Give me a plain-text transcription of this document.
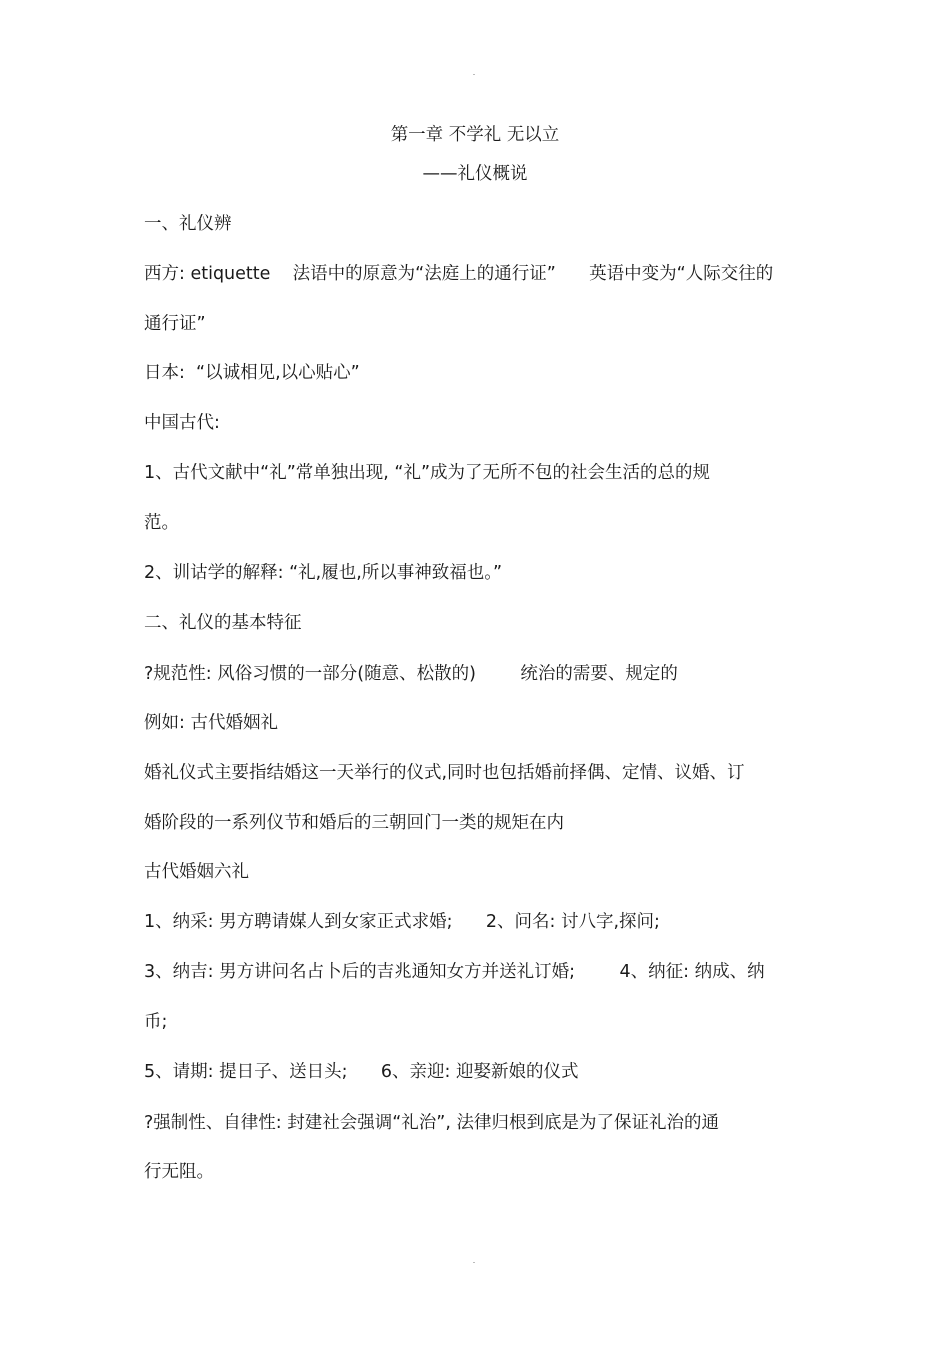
第一章 不学礼 无以立
——礼仪概说
一、礼仪辨
西方: etiquette    法语中的原意为“法庭上的通行证”      英语中变为“人际交往的
通行证”
日本:  “以诚相见,以心贴心”
中国古代:
1、古代文献中“礼”常单独出现, “礼”成为了无所不包的社会生活的总的规
范。
2、训诂学的解释: “礼,履也,所以事神致福也。”
二、礼仪的基本特征
?规范性: 风俗习惯的一部分(随意、松散的)        统治的需要、规定的
例如: 古代婚姻礼
婚礼仪式主要指结婚这一天举行的仪式,同时也包括婚前择偶、定情、议婚、订
婚阶段的一系列仪节和婚后的三朝回门一类的规矩在内
古代婚姻六礼
1、纳采: 男方聘请媒人到女家正式求婚;      2、问名: 讨八字,探问;
3、纳吉: 男方讲问名占卜后的吉兆通知女方并送礼订婚;        4、纳征: 纳成、纳
币;
5、请期: 提日子、送日头;      6、亲迎: 迎娶新娘的仪式
?强制性、自律性: 封建社会强调“礼治”, 法律归根到底是为了保证礼治的通
行无阻。
